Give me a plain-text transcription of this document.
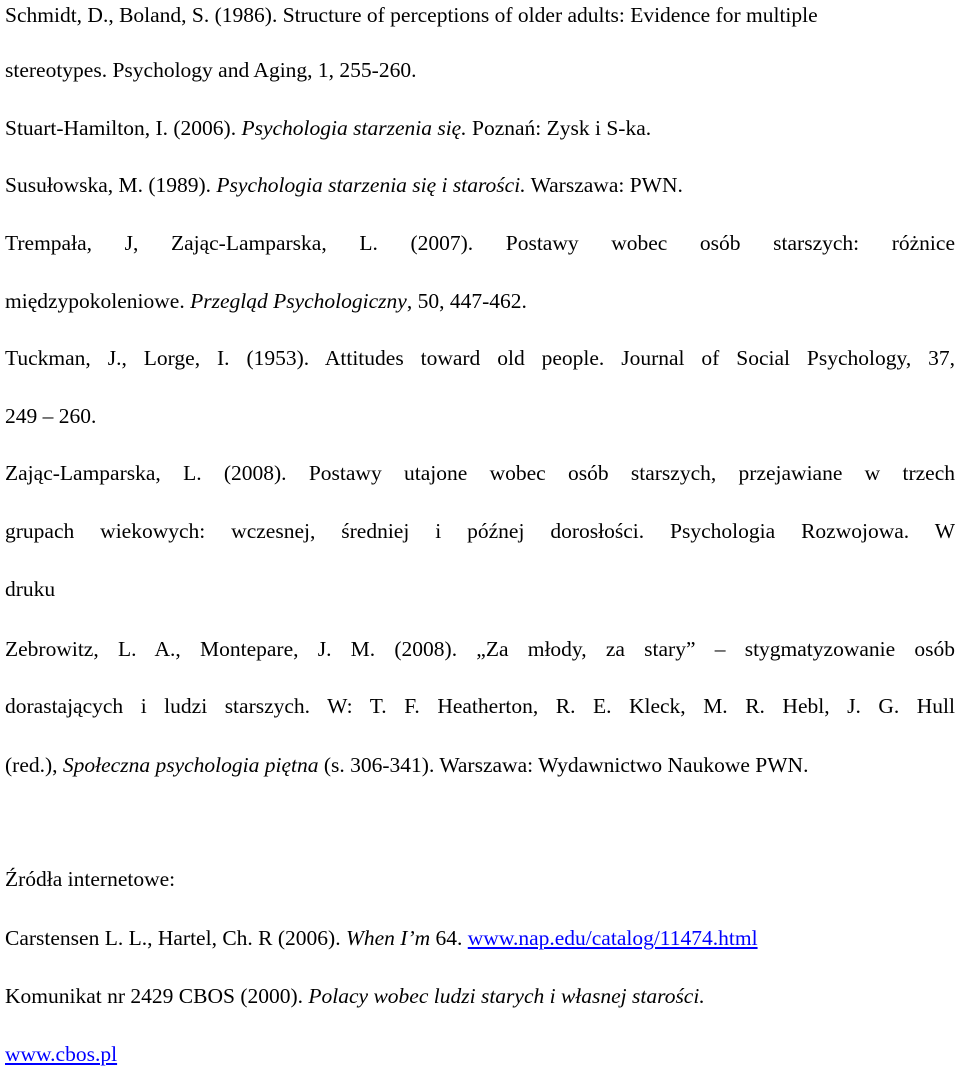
Schmidt, D., Boland, S. (1986). Structure of perceptions of older adults: Evidence for multiple
stereotypes. Psychology and Aging, 1, 255-260.
Stuart-Hamilton, I. (2006). Psychologia starzenia się. Poznań: Zysk i S-ka.
Susułowska, M. (1989). Psychologia starzenia się i starości. Warszawa: PWN.
Trempała, J, Zając-Lamparska, L. (2007). Postawy wobec osób starszych: różnice
międzypokoleniowe. Przegląd Psychologiczny, 50, 447-462.
Tuckman, J., Lorge, I. (1953). Attitudes toward old people. Journal of Social Psychology, 37,
249 – 260.
Zając-Lamparska, L. (2008). Postawy utajone wobec osób starszych, przejawiane w trzech
grupach wiekowych: wczesnej, średniej i późnej dorosłości. Psychologia Rozwojowa. W
druku
Zebrowitz, L. A., Montepare, J. M. (2008). „Za młody, za stary” – stygmatyzowanie osób
dorastających i ludzi starszych. W: T. F. Heatherton, R. E. Kleck, M. R. Hebl, J. G. Hull
(red.), Społeczna psychologia piętna (s. 306-341). Warszawa: Wydawnictwo Naukowe PWN.
Źródła internetowe:
Carstensen L. L., Hartel, Ch. R (2006). When I’m 64. www.nap.edu/catalog/11474.html
Komunikat nr 2429 CBOS (2000). Polacy wobec ludzi starych i własnej starości.
www.cbos.pl
